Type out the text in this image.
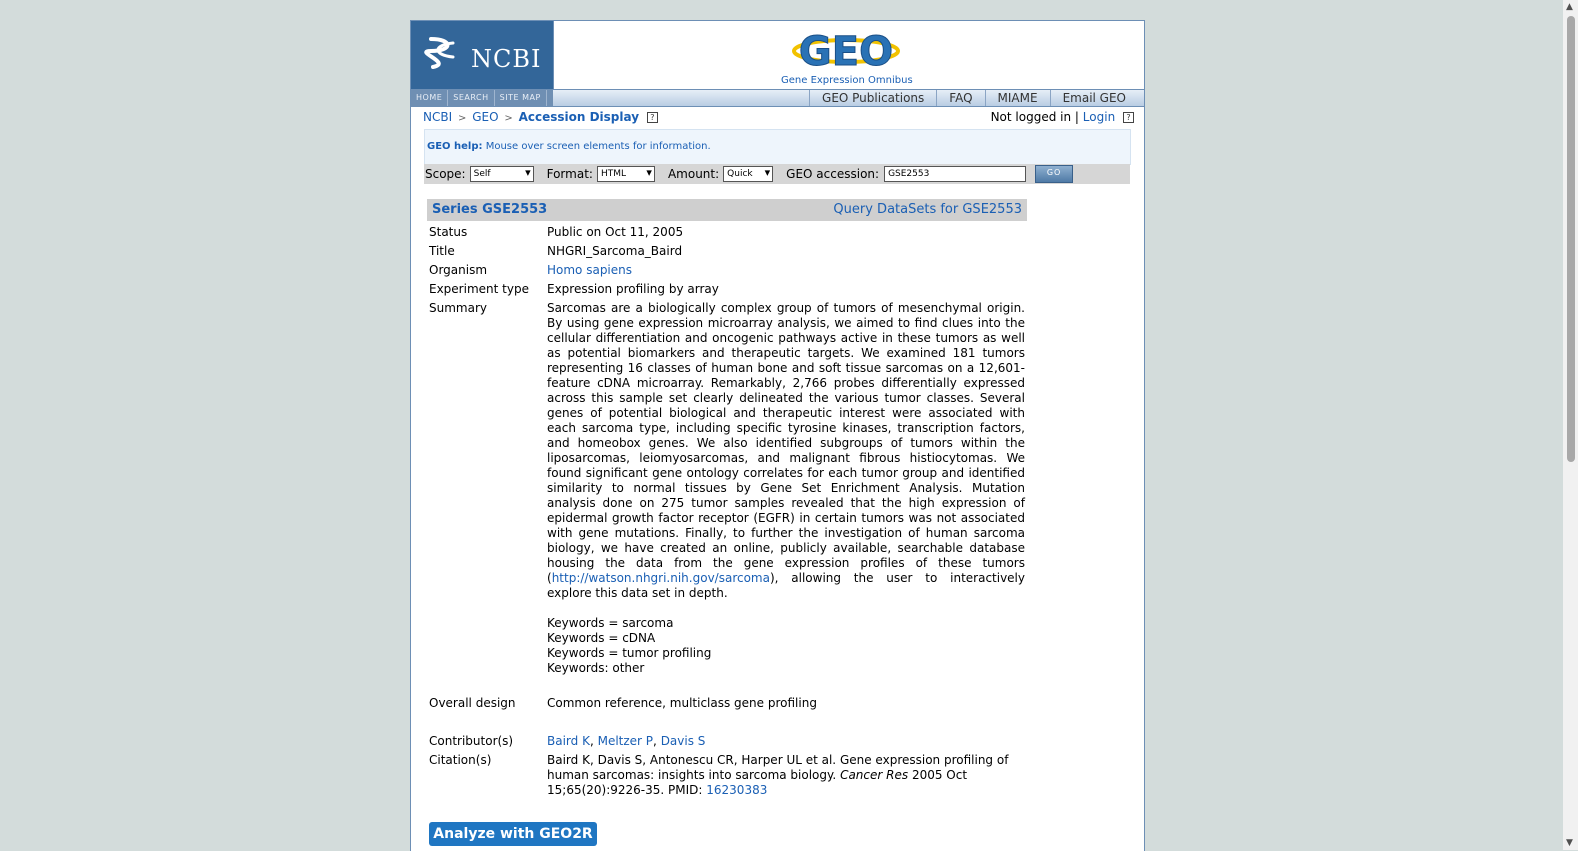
NCBI	GEO
Gene Expression Omnibus
HOME	SEARCH	SITE MAP	GEO Publications	FAQ	MIAME	Email GEO
NCBI > GEO > Accession Display ?	Not logged in | Login ?
GEO help: Mouse over screen elements for information.
Scope: Self ▾	Format: HTML ▾	Amount: Quick ▾	GEO accession:
GSE2553	GO
Series GSE2553	Query DataSets for GSE2553
Status	Public on Oct 11, 2005
Title	NHGRI_Sarcoma_Baird
Organism	Homo sapiens
Experiment type	Expression profiling by array
Summary	Sarcomas are a biologically complex group of tumors of mesenchymal origin. By using gene expression microarray analysis, we aimed to find clues into the cellular differentiation and oncogenic pathways active in these tumors as well as potential biomarkers and therapeutic targets. We examined 181 tumors representing 16 classes of human bone and soft tissue sarcomas on a 12,601-feature cDNA microarray. Remarkably, 2,766 probes differentially expressed across this sample set clearly delineated the various tumor classes. Several genes of potential biological and therapeutic interest were associated with each sarcoma type, including specific tyrosine kinases, transcription factors, and homeobox genes. We also identified subgroups of tumors within the liposarcomas, leiomyosarcomas, and malignant fibrous histiocytomas. We found significant gene ontology correlates for each tumor group and identified similarity to normal tissues by Gene Set Enrichment Analysis. Mutation analysis done on 275 tumor samples revealed that the high expression of epidermal growth factor receptor (EGFR) in certain tumors was not associated with gene mutations. Finally, to further the investigation of human sarcoma biology, we have created an online, publicly available, searchable database housing the data from the gene expression profiles of these tumors (http://watson.nhgri.nih.gov/sarcoma), allowing the user to interactively explore this data set in depth.
Keywords = sarcoma
Keywords = cDNA
Keywords = tumor profiling
Keywords: other
Overall design	Common reference, multiclass gene profiling
Contributor(s)	Baird K, Meltzer P, Davis S
Citation(s)	Baird K, Davis S, Antonescu CR, Harper UL et al. Gene expression profiling of human sarcomas: insights into sarcoma biology. Cancer Res 2005 Oct 15;65(20):9226-35. PMID: 16230383
Analyze with GEO2R
▲
▼
